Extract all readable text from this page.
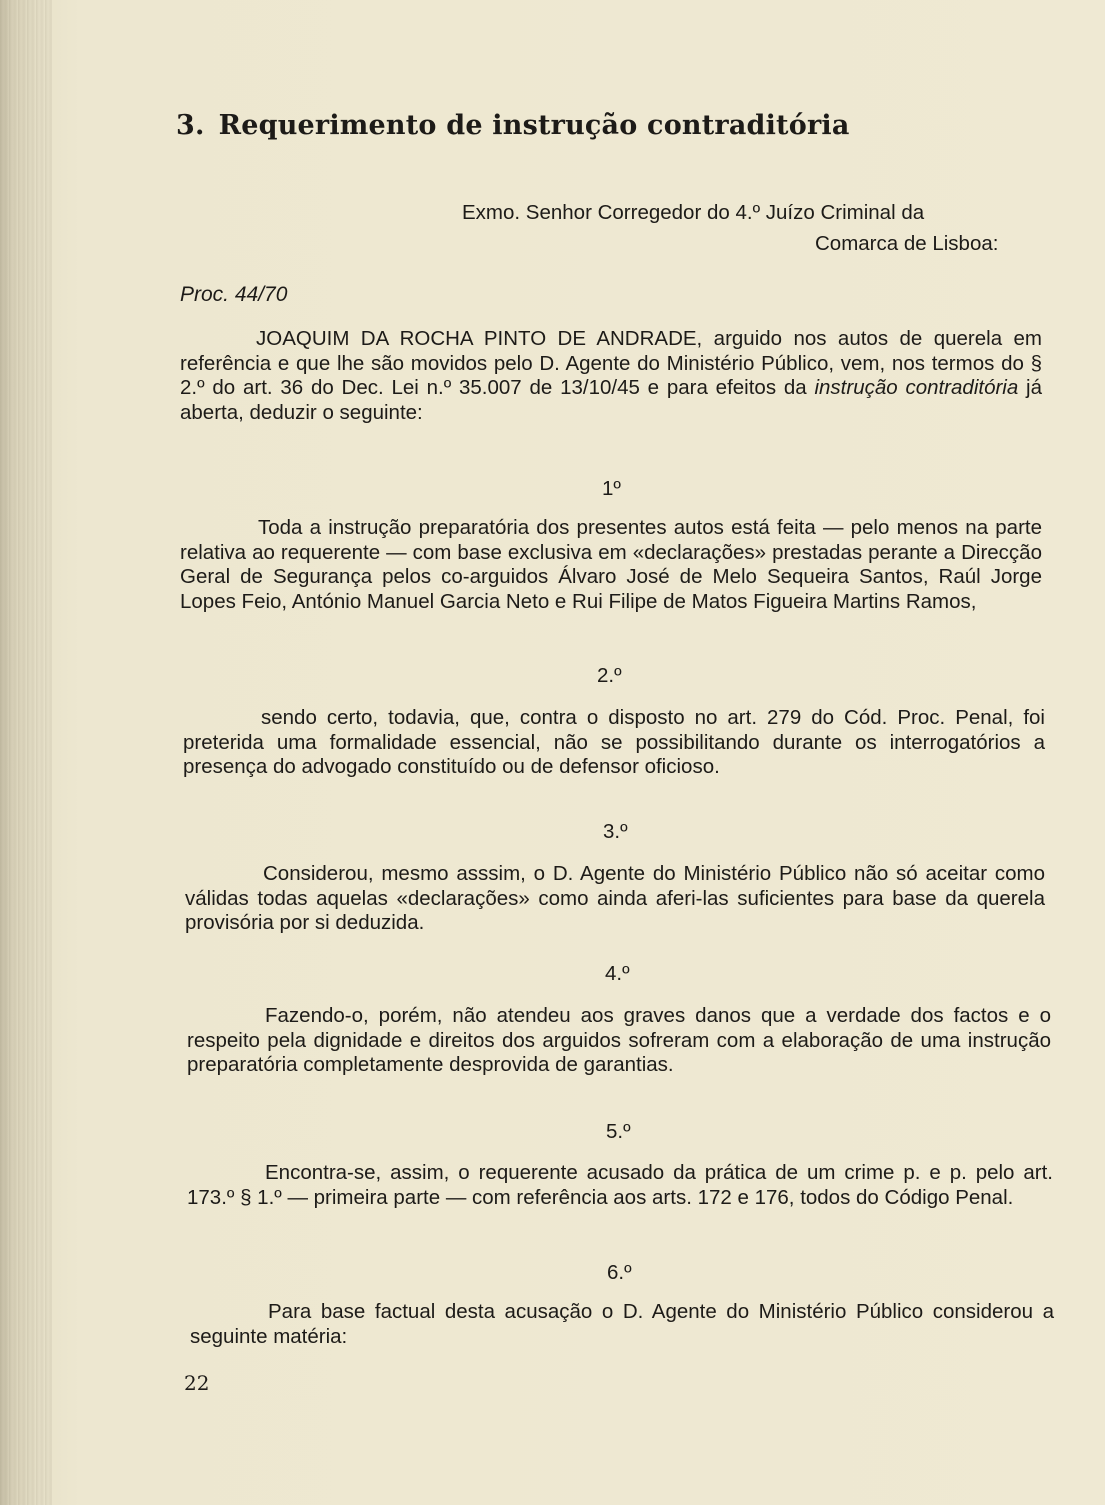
3. Requerimento de instrução contraditória
Exmo. Senhor Corregedor do 4.º Juízo Criminal da
Comarca de Lisboa:
Proc. 44/70

JOAQUIM DA ROCHA PINTO DE ANDRADE, arguido nos autos de querela em referência e que lhe são movidos pelo D. Agente do Ministério Público, vem, nos termos do § 2.º do art. 36 do Dec. Lei n.º 35.007 de 13/10/45 e para efeitos da instrução contraditória já aberta, deduzir o seguinte:

1º

Toda a instrução preparatória dos presentes autos está feita — pelo menos na parte relativa ao requerente — com base exclusiva em «declarações» prestadas perante a Direcção Geral de Segurança pelos co-arguidos Álvaro José de Melo Sequeira Santos, Raúl Jorge Lopes Feio, António Manuel Garcia Neto e Rui Filipe de Matos Figueira Martins Ramos,

2.º

sendo certo, todavia, que, contra o disposto no art. 279 do Cód. Proc. Penal, foi preterida uma formalidade essencial, não se possibilitando durante os interrogatórios a presença do advogado constituído ou de defensor oficioso.

3.º

Considerou, mesmo asssim, o D. Agente do Ministério Público não só aceitar como válidas todas aquelas «declarações» como ainda aferi-las suficientes para base da querela provisória por si deduzida.

4.º

Fazendo-o, porém, não atendeu aos graves danos que a verdade dos factos e o respeito pela dignidade e direitos dos arguidos sofreram com a elaboração de uma instrução preparatória completamente desprovida de garantias.

5.º

Encontra-se, assim, o requerente acusado da prática de um crime p. e p. pelo art. 173.º § 1.º — primeira parte — com referência aos arts. 172 e 176, todos do Código Penal.

6.º

Para base factual desta acusação o D. Agente do Ministério Público considerou a seguinte matéria:

22
